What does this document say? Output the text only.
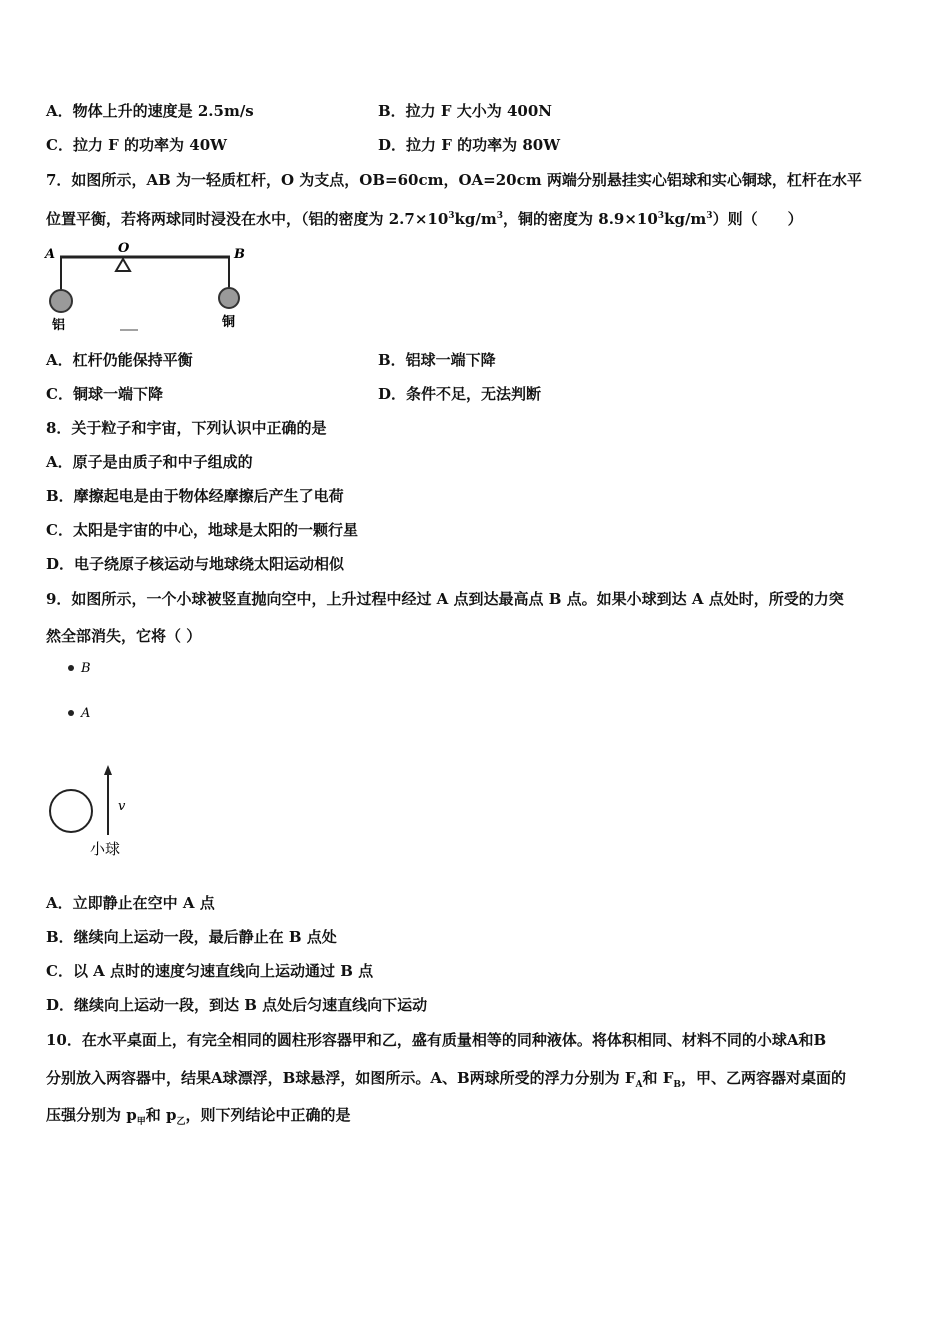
A．物体上升的速度是 2.5m/s	B．拉力 F 大小为 400N
C．拉力 F 的功率为 40W	D．拉力 F 的功率为 80W
7．如图所示，AB 为一轻质杠杆，O 为支点，OB=60cm，OA=20cm 两端分别悬挂实心铝球和实心铜球，杠杆在水平
位置平衡，若将两球同时浸没在水中，（铝的密度为 $2.7\times 10^3kg/m^3$，铜的密度为 $8.9\times 10^3kg/m^3$）则（　　）
A	O	B
铝	铜
A．杠杆仍能保持平衡	B．铝球一端下降
C．铜球一端下降	D．条件不足，无法判断
8．关于粒子和宇宙，下列认识中正确的是
A．原子是由质子和中子组成的
B．摩擦起电是由于物体经摩擦后产生了电荷
C．太阳是宇宙的中心，地球是太阳的一颗行星
D．电子绕原子核运动与地球绕太阳运动相似
9．如图所示，一个小球被竖直抛向空中，上升过程中经过 A 点到达最高点 B 点。如果小球到达 A 点处时，所受的力突
然全部消失，它将（ ）
B
A
v
小球
A．立即静止在空中 A 点
B．继续向上运动一段，最后静止在 B 点处
C．以 A 点时的速度匀速直线向上运动通过 B 点
D．继续向上运动一段，到达 B 点处后匀速直线向下运动
10．在水平桌面上，有完全相同的圆柱形容器甲和乙，盛有质量相等的同种液体。将体积相同、材料不同的小球A和B
分别放入两容器中，结果A球漂浮，B球悬浮，如图所示。A、B两球所受的浮力分别为 $F_A$和 $F_B$，甲、乙两容器对桌面的
压强分别为 $p_甲$和 $p_乙$，则下列结论中正确的是
